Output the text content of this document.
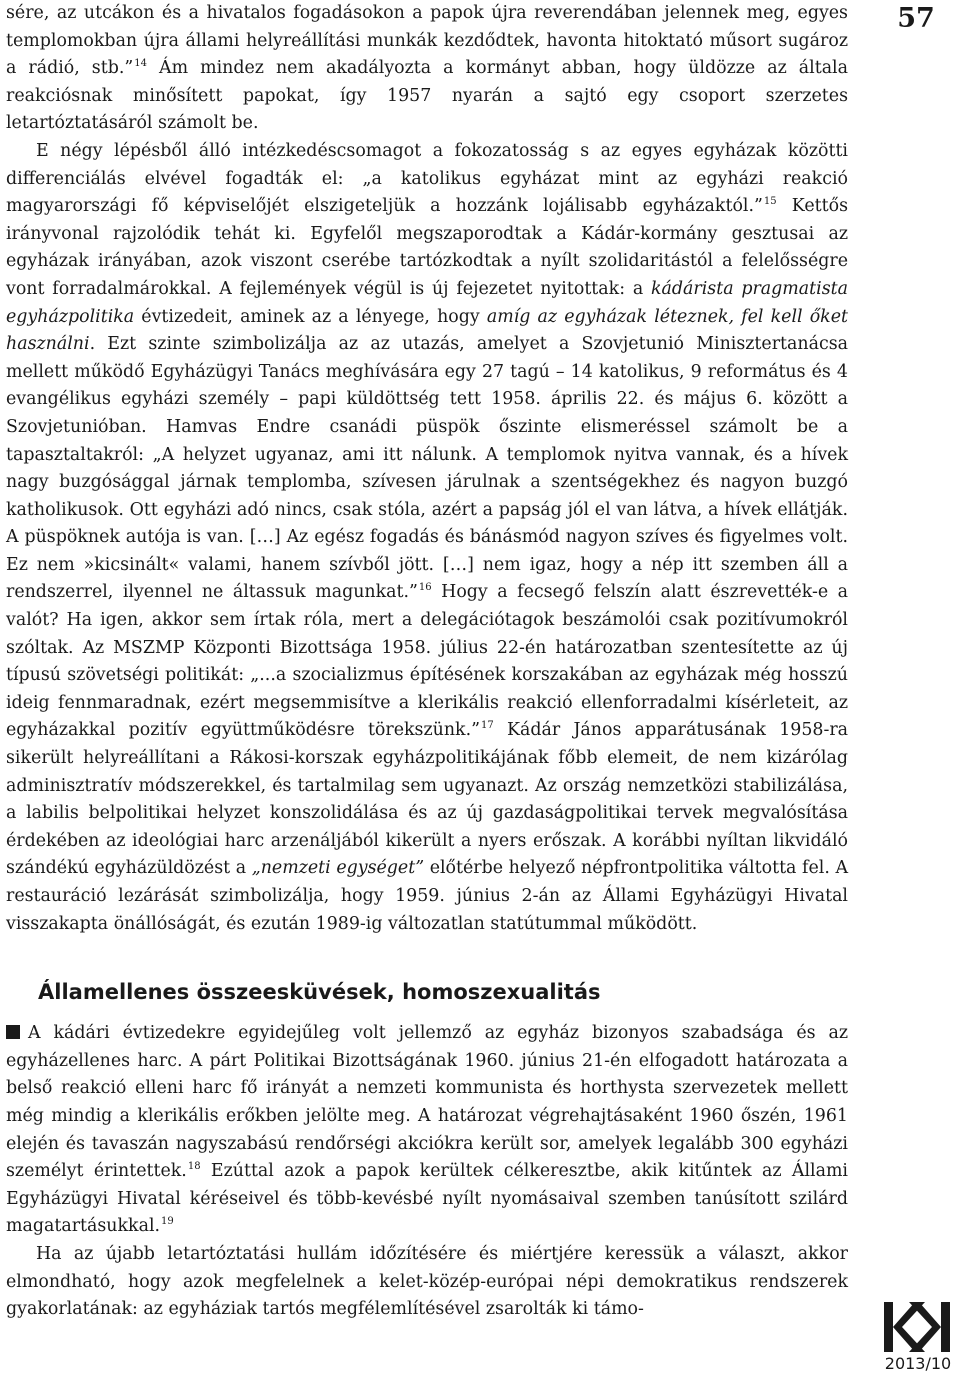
sére, az utcákon és a hivatalos fogadásokon a papok újra reverendában jelennek meg, egyes templomokban újra állami helyreállítási munkák kezdődtek, havonta hitoktató műsort sugároz a rádió, stb.”$^{14}$ Ám mindez nem akadályozta a kormányt abban, hogy üldözze az általa reakciósnak minősített papokat, így 1957 nyarán a sajtó egy csoport szerzetes letartóztatásáról számolt be.

E négy lépésből álló intézkedéscsomagot a fokozatosság s az egyes egyházak közötti differenciálás elvével fogadták el: „a katolikus egyházat mint az egyházi reakció magyarországi fő képviselőjét elszigeteljük a hozzánk lojálisabb egyházaktól.”$^{15}$ Kettős irányvonal rajzolódik tehát ki. Egyfelől megszaporodtak a Kádár-kormány gesztusai az egyházak irányában, azok viszont cserébe tartózkodtak a nyílt szolidaritástól a felelősségre vont forradalmárokkal. A fejlemények végül is új fejezetet nyitottak: a kádárista pragmatista egyházpolitika évtizedeit, aminek az a lényege, hogy amíg az egyházak léteznek, fel kell őket használni. Ezt szinte szimbolizálja az az utazás, amelyet a Szovjetunió Minisztertanácsa mellett működő Egyházügyi Tanács meghívására egy 27 tagú – 14 katolikus, 9 református és 4 evangélikus egyházi személy – papi küldöttség tett 1958. április 22. és május 6. között a Szovjetunióban. Hamvas Endre csanádi püspök őszinte elismeréssel számolt be a tapasztaltakról: „A helyzet ugyanaz, ami itt nálunk. A templomok nyitva vannak, és a hívek nagy buzgósággal járnak templomba, szívesen járulnak a szentségekhez és nagyon buzgó katholikusok. Ott egyházi adó nincs, csak stóla, azért a papság jól el van látva, a hívek ellátják. A püspöknek autója is van. […] Az egész fogadás és bánásmód nagyon szíves és figyelmes volt. Ez nem »kicsinált« valami, hanem szívből jött. […] nem igaz, hogy a nép itt szemben áll a rendszerrel, ilyennel ne áltassuk magunkat.”$^{16}$ Hogy a fecsegő felszín alatt észrevették-e a valót? Ha igen, akkor sem írtak róla, mert a delegációtagok beszámolói csak pozitívumokról szóltak. Az MSZMP Központi Bizottsága 1958. július 22-én határozatban szentesítette az új típusú szövetségi politikát: „...a szocializmus építésének korszakában az egyházak még hosszú ideig fennmaradnak, ezért megsemmisítve a klerikális reakció ellenforradalmi kísérleteit, az egyházakkal pozitív együttműködésre törekszünk.”$^{17}$ Kádár János apparátusának 1958-ra sikerült helyreállítani a Rákosi-korszak egyházpolitikájának főbb elemeit, de nem kizárólag adminisztratív módszerekkel, és tartalmilag sem ugyanazt. Az ország nemzetközi stabilizálása, a labilis belpolitikai helyzet konszolidálása és az új gazdaságpolitikai tervek megvalósítása érdekében az ideológiai harc arzenáljából kikerült a nyers erőszak. A korábbi nyíltan likvidáló szándékú egyházüldözést a „nemzeti egységet” előtérbe helyező népfrontpolitika váltotta fel. A restauráció lezárását szimbolizálja, hogy 1959. június 2-án az Állami Egyházügyi Hivatal visszakapta önállóságát, és ezután 1989-ig változatlan statútummal működött.

Államellenes összeesküvések, homoszexualitás

A kádári évtizedekre egyidejűleg volt jellemző az egyház bizonyos szabadsága és az egyházellenes harc. A párt Politikai Bizottságának 1960. június 21-én elfogadott határozata a belső reakció elleni harc fő irányát a nemzeti kommunista és horthysta szervezetek mellett még mindig a klerikális erőkben jelölte meg. A határozat végrehajtásaként 1960 őszén, 1961 elején és tavaszán nagyszabású rendőrségi akciókra került sor, amelyek legalább 300 egyházi személyt érintettek.$^{18}$ Ezúttal azok a papok kerültek célkeresztbe, akik kitűntek az Állami Egyházügyi Hivatal kéréseivel és több-kevésbé nyílt nyomásaival szemben tanúsított szilárd magatartásukkal.$^{19}$

Ha az újabb letartóztatási hullám időzítésére és miértjére keressük a választ, akkor elmondható, hogy azok megfelelnek a kelet-közép-európai népi demokratikus rendszerek gyakorlatának: az egyháziak tartós megfélemlítésével zsarolták ki támo-

57
2013/10
